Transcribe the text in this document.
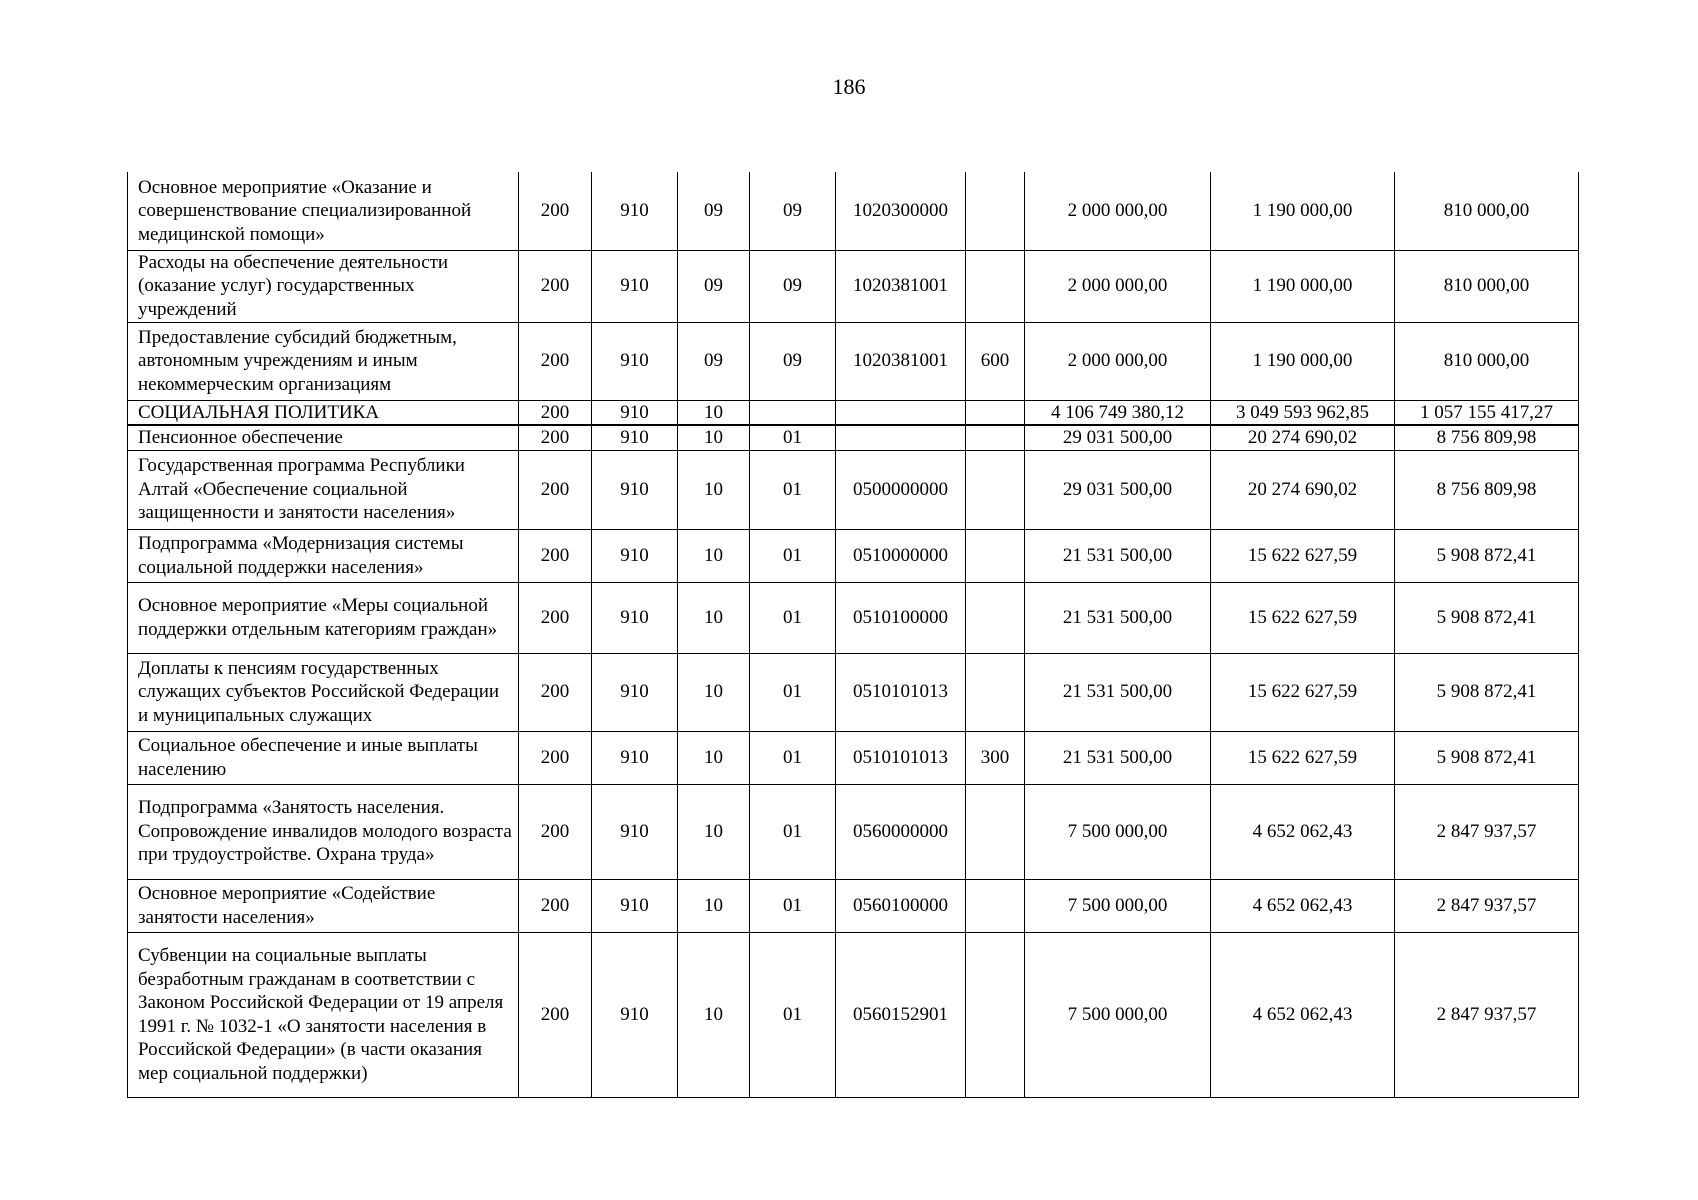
186
Основное мероприятие «Оказание и совершенствование специализированной медицинской помощи»	200	910	09	09	1020300000		2 000 000,00	1 190 000,00	810 000,00
Расходы на обеспечение деятельности (оказание услуг) государственных учреждений	200	910	09	09	1020381001		2 000 000,00	1 190 000,00	810 000,00
Предоставление субсидий бюджетным, автономным учреждениям и иным некоммерческим организациям	200	910	09	09	1020381001	600	2 000 000,00	1 190 000,00	810 000,00
СОЦИАЛЬНАЯ ПОЛИТИКА	200	910	10				4 106 749 380,12	3 049 593 962,85	1 057 155 417,27
Пенсионное обеспечение	200	910	10	01			29 031 500,00	20 274 690,02	8 756 809,98
Государственная программа Республики Алтай «Обеспечение социальной защищенности и занятости населения»	200	910	10	01	0500000000		29 031 500,00	20 274 690,02	8 756 809,98
Подпрограмма «Модернизация системы социальной поддержки населения»	200	910	10	01	0510000000		21 531 500,00	15 622 627,59	5 908 872,41
Основное мероприятие «Меры социальной поддержки отдельным категориям граждан»	200	910	10	01	0510100000		21 531 500,00	15 622 627,59	5 908 872,41
Доплаты к пенсиям государственных служащих субъектов Российской Федерации и муниципальных служащих	200	910	10	01	0510101013		21 531 500,00	15 622 627,59	5 908 872,41
Социальное обеспечение и иные выплаты населению	200	910	10	01	0510101013	300	21 531 500,00	15 622 627,59	5 908 872,41
Подпрограмма «Занятость населения. Сопровождение инвалидов молодого возраста при трудоустройстве. Охрана труда»	200	910	10	01	0560000000		7 500 000,00	4 652 062,43	2 847 937,57
Основное мероприятие «Содействие занятости населения»	200	910	10	01	0560100000		7 500 000,00	4 652 062,43	2 847 937,57
Субвенции на социальные выплаты безработным гражданам в соответствии с Законом Российской Федерации от 19 апреля 1991 г. № 1032-1 «О занятости населения в Российской Федерации» (в части оказания мер социальной поддержки)	200	910	10	01	0560152901		7 500 000,00	4 652 062,43	2 847 937,57
